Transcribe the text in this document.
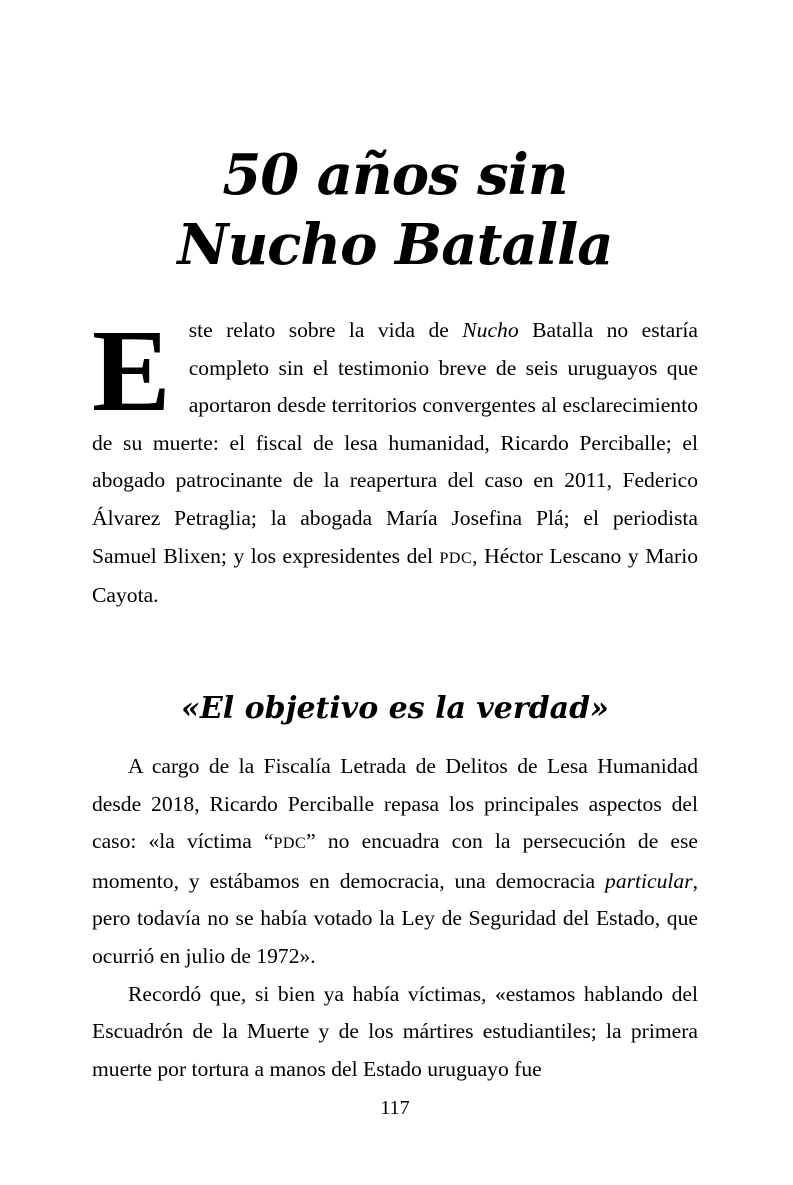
50 años sin
Nucho Batalla

Este relato sobre la vida de Nucho Batalla no estaría completo sin el testimonio breve de seis uruguayos que aportaron desde territorios convergentes al esclarecimiento de su muerte: el fiscal de lesa humanidad, Ricardo Perciballe; el abogado patrocinante de la reapertura del caso en 2011, Federico Álvarez Petraglia; la abogada María Josefina Plá; el periodista Samuel Blixen; y los expresidentes del PDC, Héctor Lescano y Mario Cayota.

«El objetivo es la verdad»

A cargo de la Fiscalía Letrada de Delitos de Lesa Humanidad desde 2018, Ricardo Perciballe repasa los principales aspectos del caso: «la víctima “PDC” no encuadra con la persecución de ese momento, y estábamos en democracia, una democracia particular, pero todavía no se había votado la Ley de Seguridad del Estado, que ocurrió en julio de 1972».

Recordó que, si bien ya había víctimas, «estamos hablando del Escuadrón de la Muerte y de los mártires estudiantiles; la primera muerte por tortura a manos del Estado uruguayo fue

117
